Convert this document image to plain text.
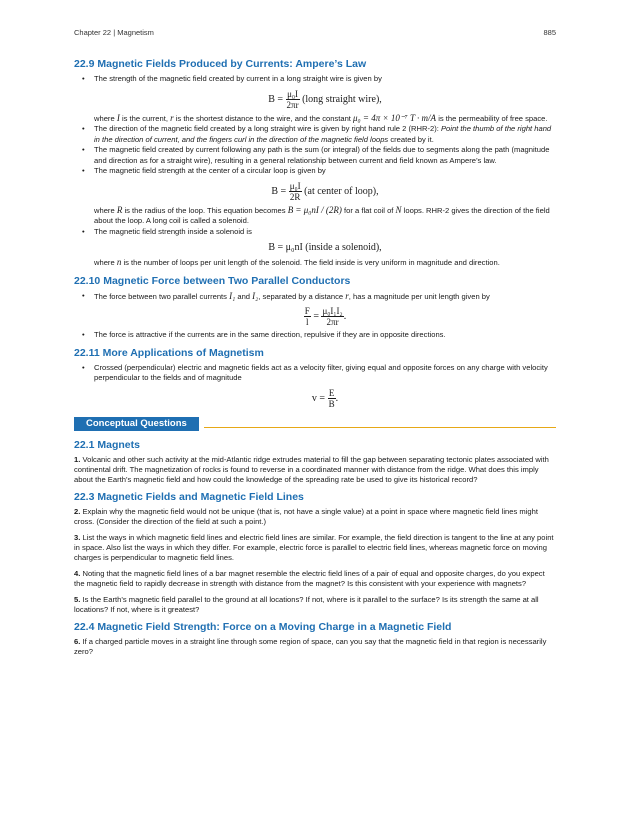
Chapter 22 | Magnetism	885
22.9 Magnetic Fields Produced by Currents: Ampere’s Law
• The strength of the magnetic field created by current in a long straight wire is given by
$B = \frac{\text{μ₀I}}{2\pi r}$ (long straight wire),
where I is the current, r is the shortest distance to the wire, and the constant μ₀ = 4π × 10⁻⁷ T · m/A is the permeability of free space.
• The direction of the magnetic field created by a long straight wire is given by right hand rule 2 (RHR-2): Point the thumb of the right hand in the direction of current, and the fingers curl in the direction of the magnetic field loops created by it.
• The magnetic field created by current following any path is the sum (or integral) of the fields due to segments along the path (magnitude and direction as for a straight wire), resulting in a general relationship between current and field known as Ampere’s law.
• The magnetic field strength at the center of a circular loop is given by
$B = \frac{\text{μ₀I}}{2R} (at$ center of loop),
where R is the radius of the loop. This equation becomes B = μ₀nI / (2R) for a flat coil of N loops. RHR-2 gives the direction of the field about the loop. A long coil is called a solenoid.
• The magnetic field strength inside a solenoid is
B = μ₀nI (inside a solenoid),
where n is the number of loops per unit length of the solenoid. The field inside is very uniform in magnitude and direction.
22.10 Magnetic Force between Two Parallel Conductors
• The force between two parallel currents I₁ and I₂, separated by a distance r, has a magnitude per unit length given by
$\frac{F}{l} = \frac{\text{μ₀I₁I₂}}{2\pi r}$ .
• The force is attractive if the currents are in the same direction, repulsive if they are in opposite directions.
22.11 More Applications of Magnetism
• Crossed (perpendicular) electric and magnetic fields act as a velocity filter, giving equal and opposite forces on any charge with velocity perpendicular to the fields and of magnitude
$v = \frac{E}{B}$ .
Conceptual Questions
22.1 Magnets

1. Volcanic and other such activity at the mid-Atlantic ridge extrudes material to fill the gap between separating tectonic plates associated with continental drift. The magnetization of rocks is found to reverse in a coordinated manner with distance from the ridge. What does this imply about the Earth’s magnetic field and how could the knowledge of the spreading rate be used to give its historical record?

22.3 Magnetic Fields and Magnetic Field Lines

2. Explain why the magnetic field would not be unique (that is, not have a single value) at a point in space where magnetic field lines might cross. (Consider the direction of the field at such a point.)

3. List the ways in which magnetic field lines and electric field lines are similar. For example, the field direction is tangent to the line at any point in space. Also list the ways in which they differ. For example, electric force is parallel to electric field lines, whereas magnetic force on moving charges is perpendicular to magnetic field lines.

4. Noting that the magnetic field lines of a bar magnet resemble the electric field lines of a pair of equal and opposite charges, do you expect the magnetic field to rapidly decrease in strength with distance from the magnet? Is this consistent with your experience with magnets?

5. Is the Earth’s magnetic field parallel to the ground at all locations? If not, where is it parallel to the surface? Is its strength the same at all locations? If not, where is it greatest?

22.4 Magnetic Field Strength: Force on a Moving Charge in a Magnetic Field

6. If a charged particle moves in a straight line through some region of space, can you say that the magnetic field in that region is necessarily zero?
